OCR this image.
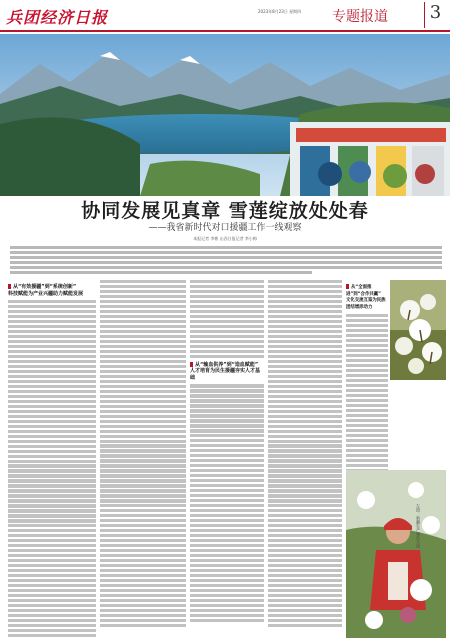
兵团经济日报	2023年8月23日 星期四 专题报道	3
协同发展见真章 雪莲绽放处处春
——我省新时代对口援疆工作一线观察
本报记者 李彬 山西日报记者 李小梅
从“有效援疆”到“系统创新”
科技赋能为产业兴疆助力赋能发展
从“输血供养”到“造血赋能”
人才培育为民生援疆夯实人才基础
从“全面推进”到“合作共赢”
文化交流互鉴为民族团结增添动力
左图：新疆生产建设兵团
